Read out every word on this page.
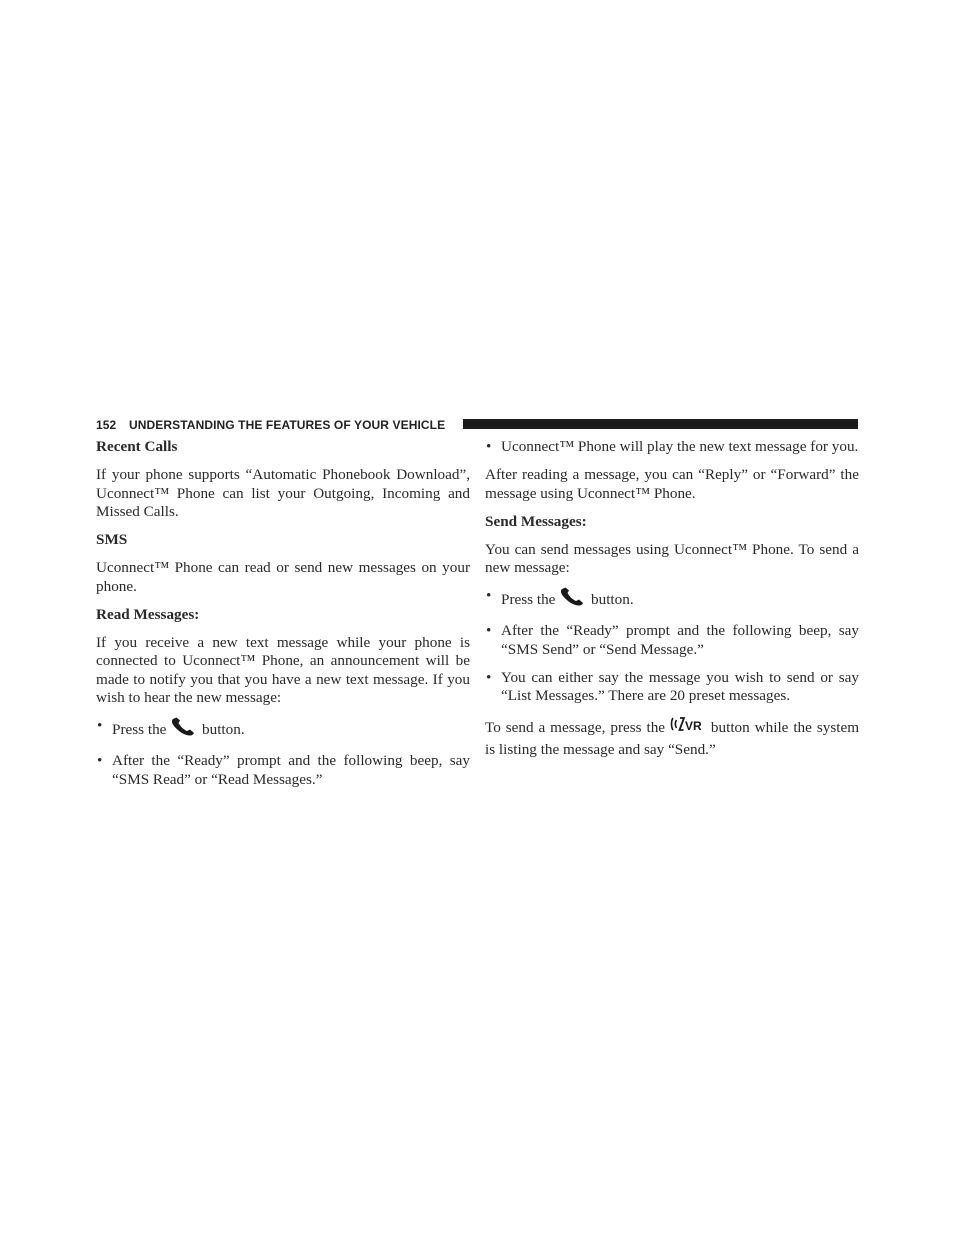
152 UNDERSTANDING THE FEATURES OF YOUR VEHICLE

Recent Calls

If your phone supports “Automatic Phonebook Download”, Uconnect™ Phone can list your Outgoing, Incoming and Missed Calls.

SMS

Uconnect™ Phone can read or send new messages on your phone.

Read Messages:

If you receive a new text message while your phone is connected to Uconnect™ Phone, an announcement will be made to notify you that you have a new text message. If you wish to hear the new message:

• Press the button.
• After the “Ready” prompt and the following beep, say “SMS Read” or “Read Messages.”
• Uconnect™ Phone will play the new text message for you.

After reading a message, you can “Reply” or “Forward” the message using Uconnect™ Phone.

Send Messages:

You can send messages using Uconnect™ Phone. To send a new message:

• Press the button.
• After the “Ready” prompt and the following beep, say “SMS Send” or “Send Message.”
• You can either say the message you wish to send or say “List Messages.” There are 20 preset messages.

To send a message, press the VR button while the system is listing the message and say “Send.”
